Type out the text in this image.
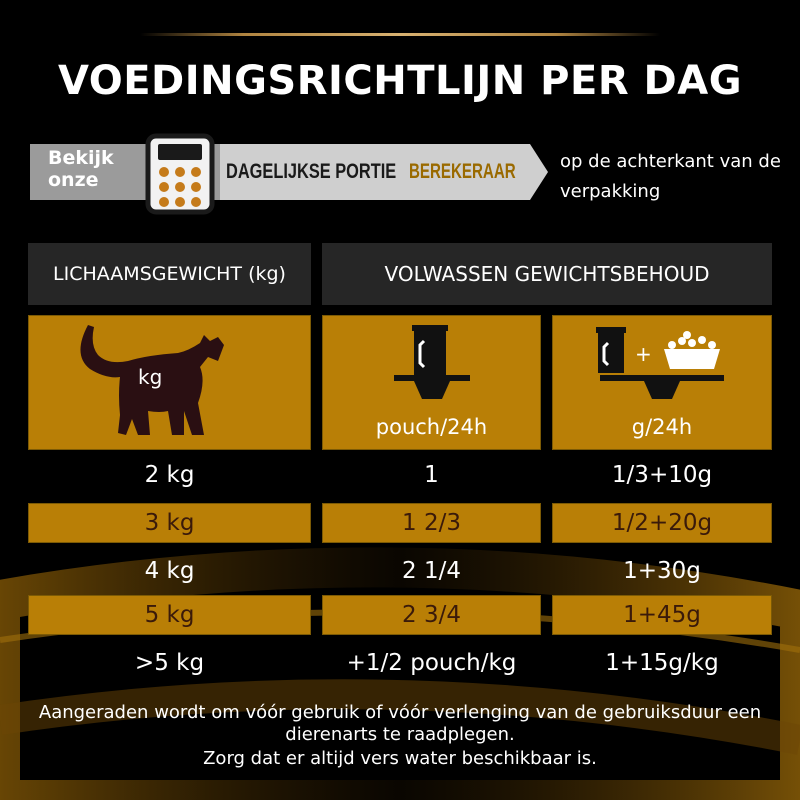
VOEDINGSRICHTLIJN PER DAG
Bekijk
onze	DAGELIJKSE PORTIE BEREKERAAR op de achterkant van de verpakking
LICHAAMSGEWICHT (kg)	VOLWASSEN GEWICHTSBEHOUD
kg
+
pouch/24h	g/24h
2 kg	1	1/3+10g
3 kg	1 2/3	1/2+20g
4 kg	2 1/4	1+30g
5 kg	2 3/4	1+45g
>5 kg	+1/2 pouch/kg	1+15g/kg
Aangeraden wordt om vóór gebruik of vóór verlenging van de gebruiksduur een dierenarts te raadplegen.
Zorg dat er altijd vers water beschikbaar is.
